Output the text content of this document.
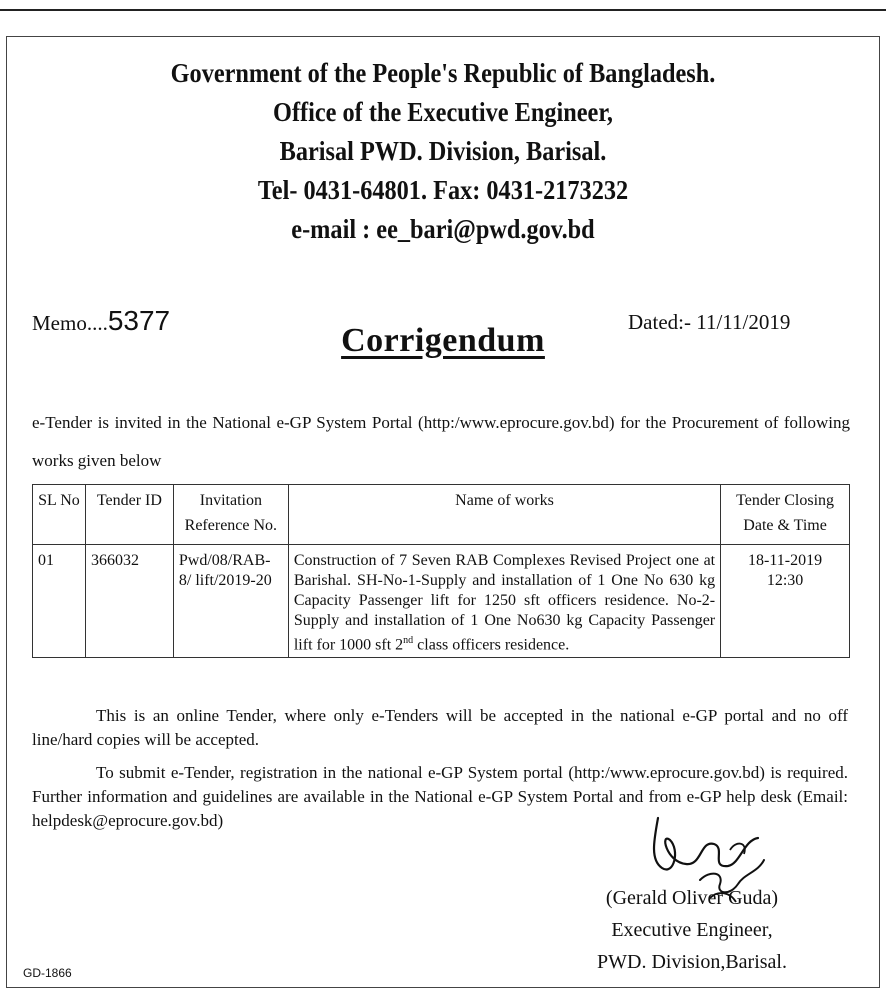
Government of the People's Republic of Bangladesh.
Office of the Executive Engineer,
Barisal PWD. Division, Barisal.
Tel- 0431-64801. Fax: 0431-2173232
e-mail : ee_bari@pwd.gov.bd
Memo....5377	Dated:- 11/11/2019
Corrigendum
e-Tender is invited in the National e-GP System Portal (http:/www.eprocure.gov.bd) for the Procurement of following works given below
SL No	Tender ID	Invitation Reference No.	Name of works	Tender Closing Date & Time
01	366032	Pwd/08/RAB-8/ lift/2019-20	Construction of 7 Seven RAB Complexes Revised Project one at Barishal. SH-No-1-Supply and installation of 1 One No 630 kg Capacity Passenger lift for 1250 sft officers residence. No-2- Supply and installation of 1 One No630 kg Capacity Passenger lift for 1000 sft 2nd class officers residence.	18-11-2019
12:30
This is an online Tender, where only e-Tenders will be accepted in the national e-GP portal and no off line/hard copies will be accepted.
To submit e-Tender, registration in the national e-GP System portal (http:/www.eprocure.gov.bd) is required. Further information and guidelines are available in the National e-GP System Portal and from e-GP help desk (Email: helpdesk@eprocure.gov.bd)
(Gerald Oliver Guda)
Executive Engineer,
PWD. Division,Barisal.
GD-1866
